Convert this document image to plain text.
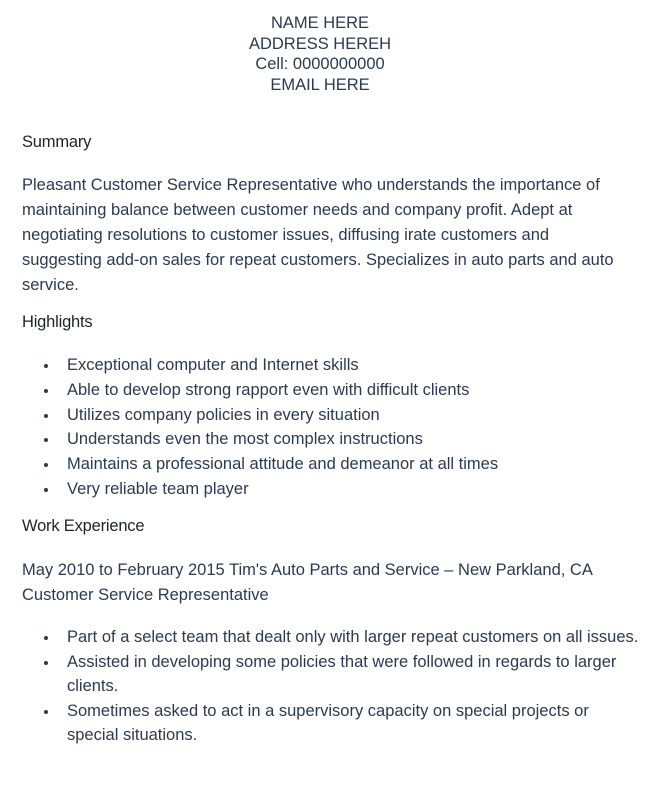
NAME HERE
ADDRESS HEREH
Cell: 0000000000
EMAIL HERE
Summary
Pleasant Customer Service Representative who understands the importance of maintaining balance between customer needs and company profit. Adept at negotiating resolutions to customer issues, diffusing irate customers and suggesting add-on sales for repeat customers. Specializes in auto parts and auto service.
Highlights
Exceptional computer and Internet skills
Able to develop strong rapport even with difficult clients
Utilizes company policies in every situation
Understands even the most complex instructions
Maintains a professional attitude and demeanor at all times
Very reliable team player
Work Experience
May 2010 to February 2015 Tim's Auto Parts and Service – New Parkland, CA Customer Service Representative
Part of a select team that dealt only with larger repeat customers on all issues.
Assisted in developing some policies that were followed in regards to larger clients.
Sometimes asked to act in a supervisory capacity on special projects or special situations.
